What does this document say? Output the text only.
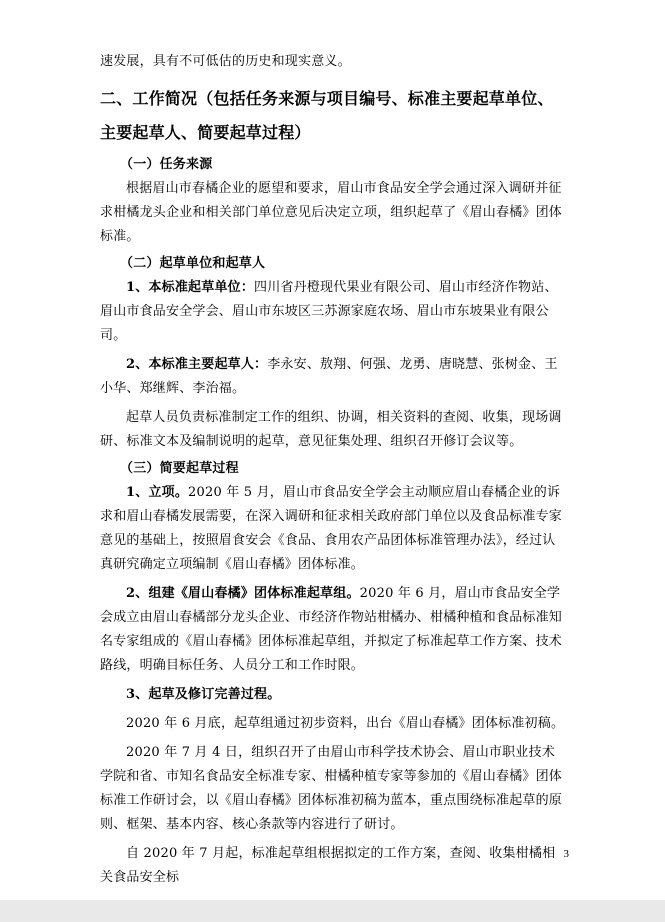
速发展，具有不可低估的历史和现实意义。

二、工作简况（包括任务来源与项目编号、标准主要起草单位、主要起草人、简要起草过程）

（一）任务来源

根据眉山市春橘企业的愿望和要求，眉山市食品安全学会通过深入调研并征求柑橘龙头企业和相关部门单位意见后决定立项，组织起草了《眉山春橘》团体标准。

（二）起草单位和起草人

1、本标准起草单位：四川省丹橙现代果业有限公司、眉山市经济作物站、眉山市食品安全学会、眉山市东坡区三苏源家庭农场、眉山市东坡果业有限公司。

2、本标准主要起草人：李永安、敖翔、何强、龙勇、唐晓慧、张树金、王小华、郑继辉、李治福。

起草人员负责标准制定工作的组织、协调，相关资料的查阅、收集，现场调研、标准文本及编制说明的起草，意见征集处理、组织召开修订会议等。

（三）简要起草过程

1、立项。2020 年 5 月，眉山市食品安全学会主动顺应眉山春橘企业的诉求和眉山春橘发展需要，在深入调研和征求相关政府部门单位以及食品标准专家意见的基础上，按照眉食安会《食品、食用农产品团体标准管理办法》，经过认真研究确定立项编制《眉山春橘》团体标准。

2、组建《眉山春橘》团体标准起草组。2020 年 6 月，眉山市食品安全学会成立由眉山春橘部分龙头企业、市经济作物站柑橘办、柑橘种植和食品标准知名专家组成的《眉山春橘》团体标准起草组，并拟定了标准起草工作方案、技术路线，明确目标任务、人员分工和工作时限。

3、起草及修订完善过程。

2020 年 6 月底，起草组通过初步资料，出台《眉山春橘》团体标准初稿。

2020 年 7 月 4 日，组织召开了由眉山市科学技术协会、眉山市职业技术学院和省、市知名食品安全标准专家、柑橘种植专家等参加的《眉山春橘》团体标准工作研讨会，以《眉山春橘》团体标准初稿为蓝本，重点围绕标准起草的原则、框架、基本内容、核心条款等内容进行了研讨。

自 2020 年 7 月起，标准起草组根据拟定的工作方案，查阅、收集柑橘相关食品安全标

3
